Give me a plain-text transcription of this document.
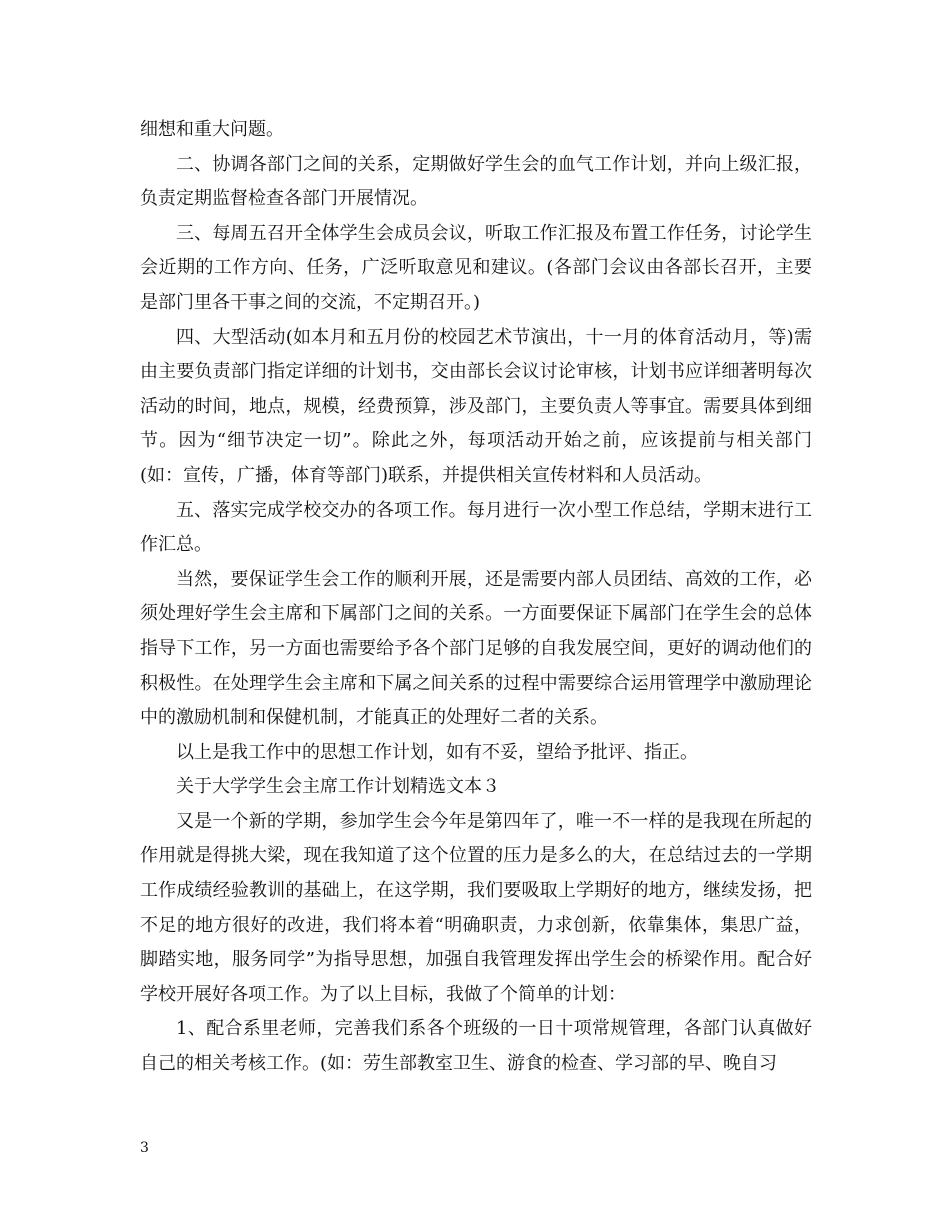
细想和重大问题。

二、协调各部门之间的关系，定期做好学生会的血气工作计划，并向上级汇报，负责定期监督检查各部门开展情况。

三、每周五召开全体学生会成员会议，听取工作汇报及布置工作任务，讨论学生会近期的工作方向、任务，广泛听取意见和建议。(各部门会议由各部长召开，主要是部门里各干事之间的交流，不定期召开。)

四、大型活动(如本月和五月份的校园艺术节演出，十一月的体育活动月，等)需由主要负责部门指定详细的计划书，交由部长会议讨论审核，计划书应详细著明每次活动的时间，地点，规模，经费预算，涉及部门，主要负责人等事宜。需要具体到细节。因为“细节决定一切”。除此之外，每项活动开始之前，应该提前与相关部门(如：宣传，广播，体育等部门)联系，并提供相关宣传材料和人员活动。

五、落实完成学校交办的各项工作。每月进行一次小型工作总结，学期末进行工作汇总。

当然，要保证学生会工作的顺利开展，还是需要内部人员团结、高效的工作，必须处理好学生会主席和下属部门之间的关系。一方面要保证下属部门在学生会的总体指导下工作，另一方面也需要给予各个部门足够的自我发展空间，更好的调动他们的积极性。在处理学生会主席和下属之间关系的过程中需要综合运用管理学中激励理论中的激励机制和保健机制，才能真正的处理好二者的关系。

以上是我工作中的思想工作计划，如有不妥，望给予批评、指正。

关于大学学生会主席工作计划精选文本３

又是一个新的学期，参加学生会今年是第四年了，唯一不一样的是我现在所起的作用就是得挑大梁，现在我知道了这个位置的压力是多么的大，在总结过去的一学期工作成绩经验教训的基础上，在这学期，我们要吸取上学期好的地方，继续发扬，把不足的地方很好的改进，我们将本着“明确职责，力求创新，依靠集体，集思广益，脚踏实地，服务同学”为指导思想，加强自我管理发挥出学生会的桥梁作用。配合好学校开展好各项工作。为了以上目标，我做了个简单的计划：

1、配合系里老师，完善我们系各个班级的一日十项常规管理，各部门认真做好自己的相关考核工作。(如：劳生部教室卫生、游食的检查、学习部的早、晚自习

3
